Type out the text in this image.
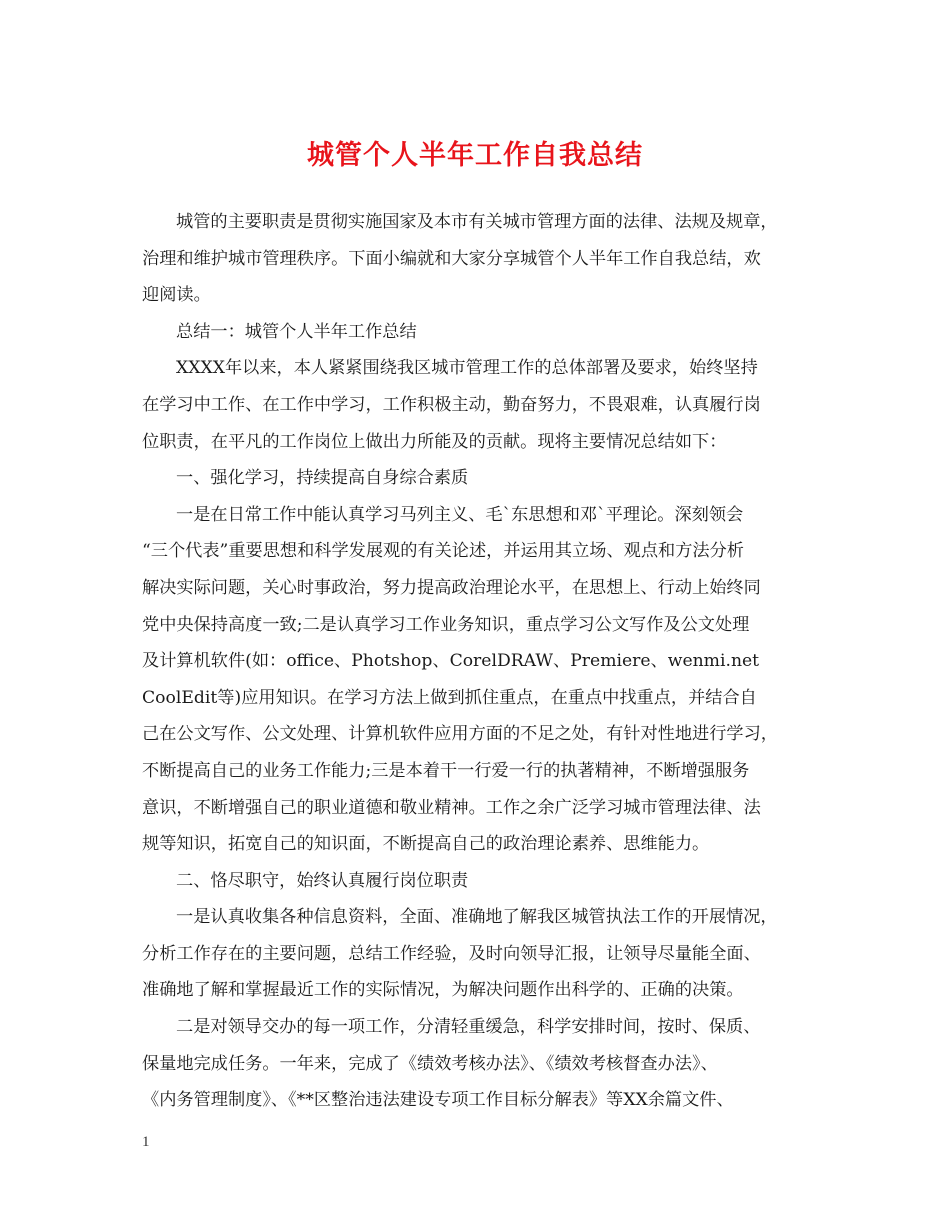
城管个人半年工作自我总结
城管的主要职责是贯彻实施国家及本市有关城市管理方面的法律、法规及规章，
治理和维护城市管理秩序。下面小编就和大家分享城管个人半年工作自我总结，欢
迎阅读。
总结一：城管个人半年工作总结
XXXX年以来，本人紧紧围绕我区城市管理工作的总体部署及要求，始终坚持
在学习中工作、在工作中学习，工作积极主动，勤奋努力，不畏艰难，认真履行岗
位职责，在平凡的工作岗位上做出力所能及的贡献。现将主要情况总结如下：
一、强化学习，持续提高自身综合素质
一是在日常工作中能认真学习马列主义、毛`东思想和邓`平理论。深刻领会
“三个代表”重要思想和科学发展观的有关论述，并运用其立场、观点和方法分析
解决实际问题，关心时事政治，努力提高政治理论水平，在思想上、行动上始终同
党中央保持高度一致;二是认真学习工作业务知识，重点学习公文写作及公文处理
及计算机软件(如：office、Photshop、CorelDRAW、Premiere、wenmi.net
CoolEdit等)应用知识。在学习方法上做到抓住重点，在重点中找重点，并结合自
己在公文写作、公文处理、计算机软件应用方面的不足之处，有针对性地进行学习，
不断提高自己的业务工作能力;三是本着干一行爱一行的执著精神，不断增强服务
意识，不断增强自己的职业道德和敬业精神。工作之余广泛学习城市管理法律、法
规等知识，拓宽自己的知识面，不断提高自己的政治理论素养、思维能力。
二、恪尽职守，始终认真履行岗位职责
一是认真收集各种信息资料，全面、准确地了解我区城管执法工作的开展情况，
分析工作存在的主要问题，总结工作经验，及时向领导汇报，让领导尽量能全面、
准确地了解和掌握最近工作的实际情况，为解决问题作出科学的、正确的决策。
二是对领导交办的每一项工作，分清轻重缓急，科学安排时间，按时、保质、
保量地完成任务。一年来，完成了《绩效考核办法》、《绩效考核督查办法》、
《内务管理制度》、《**区整治违法建设专项工作目标分解表》等XX余篇文件、
1
